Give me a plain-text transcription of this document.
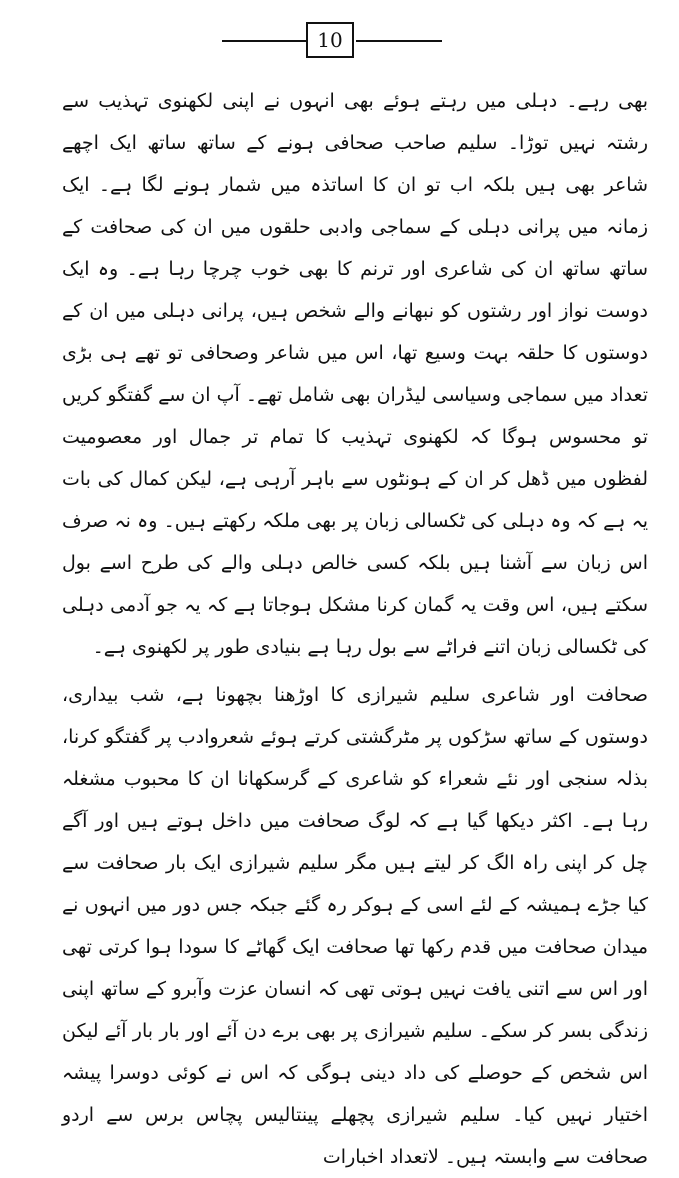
10

بھی رہے۔ دہلی میں رہتے ہوئے بھی انہوں نے اپنی لکھنوی تہذیب سے رشتہ نہیں توڑا۔ سلیم صاحب صحافی ہونے کے ساتھ ساتھ ایک اچھے شاعر بھی ہیں بلکہ اب تو ان کا اساتذہ میں شمار ہونے لگا ہے۔ ایک زمانہ میں پرانی دہلی کے سماجی وادبی حلقوں میں ان کی صحافت کے ساتھ ساتھ ان کی شاعری اور ترنم کا بھی خوب چرچا رہا ہے۔ وہ ایک دوست نواز اور رشتوں کو نبھانے والے شخص ہیں، پرانی دہلی میں ان کے دوستوں کا حلقہ بہت وسیع تھا، اس میں شاعر وصحافی تو تھے ہی بڑی تعداد میں سماجی وسیاسی لیڈران بھی شامل تھے۔ آپ ان سے گفتگو کریں تو محسوس ہوگا کہ لکھنوی تہذیب کا تمام تر جمال اور معصومیت لفظوں میں ڈھل کر ان کے ہونٹوں سے باہر آرہی ہے، لیکن کمال کی بات یہ ہے کہ وہ دہلی کی ٹکسالی زبان پر بھی ملکہ رکھتے ہیں۔ وہ نہ صرف اس زبان سے آشنا ہیں بلکہ کسی خالص دہلی والے کی طرح اسے بول سکتے ہیں، اس وقت یہ گمان کرنا مشکل ہوجاتا ہے کہ یہ جو آدمی دہلی کی ٹکسالی زبان اتنے فراٹے سے بول رہا ہے بنیادی طور پر لکھنوی ہے۔

صحافت اور شاعری سلیم شیرازی کا اوڑھنا بچھونا ہے، شب بیداری، دوستوں کے ساتھ سڑکوں پر مٹرگشتی کرتے ہوئے شعروادب پر گفتگو کرنا، بذلہ سنجی اور نئے شعراء کو شاعری کے گرسکھانا ان کا محبوب مشغلہ رہا ہے۔ اکثر دیکھا گیا ہے کہ لوگ صحافت میں داخل ہوتے ہیں اور آگے چل کر اپنی راہ الگ کر لیتے ہیں مگر سلیم شیرازی ایک بار صحافت سے کیا جڑے ہمیشہ کے لئے اسی کے ہوکر رہ گئے جبکہ جس دور میں انہوں نے میدان صحافت میں قدم رکھا تھا صحافت ایک گھاٹے کا سودا ہوا کرتی تھی اور اس سے اتنی یافت نہیں ہوتی تھی کہ انسان عزت وآبرو کے ساتھ اپنی زندگی بسر کر سکے۔ سلیم شیرازی پر بھی برے دن آئے اور بار بار آئے لیکن اس شخص کے حوصلے کی داد دینی ہوگی کہ اس نے کوئی دوسرا پیشہ اختیار نہیں کیا۔ سلیم شیرازی پچھلے پینتالیس پچاس برس سے اردو صحافت سے وابستہ ہیں۔ لاتعداد اخبارات
